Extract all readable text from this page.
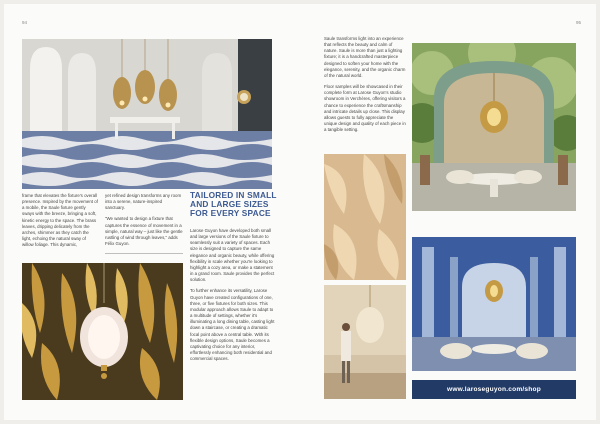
94

frame that elevates the fixture's overall presence. Inspired by the movement of a mobile, the Saule fixture gently sways with the breeze, bringing a soft, kinetic energy to the space. The brass leaves, dripping delicately from the arches, shimmer as they catch the light, echoing the natural sway of willow foliage. This dynamic,

yet refined design transforms any room into a serene, nature-inspired sanctuary.

“We wanted to design a fixture that captures the essence of movement in a simple, natural way – just like the gentle rustling of wind through leaves,” adds Félix Guyon.

TAILORED IN SMALL AND LARGE SIZES FOR EVERY SPACE

Larose Guyon have developed both small and large versions of the Saule fixture to seamlessly suit a variety of spaces. Each size is designed to capture the same elegance and organic beauty, while offering flexibility in scale whether you're looking to highlight a cozy area, or make a statement in a grand room. Saule provides the perfect solution.

To further enhance its versatility, Larose Guyon have created configurations of one, three, or five fixtures for both sizes. This modular approach allows Saule to adapt to a multitude of settings, whether it's illuminating a long dining table, casting light down a staircase, or creating a dramatic focal point above a central table. With its flexible design options, Saule becomes a captivating choice for any interior, effortlessly enhancing both residential and commercial spaces.

95

Saule transforms light into an experience that reflects the beauty and calm of nature. Saule is more than just a lighting fixture; it is a handcrafted masterpiece designed to soften your home with the elegance, serenity, and the organic charm of the natural world.

Floor samples will be showcased in their complete form at Larose Guyon's studio showroom in Verchères, offering visitors a chance to experience the craftsmanship and intricate details up close. This display allows guests to fully appreciate the unique design and quality of each piece in a tangible setting.

www.laroseguyon.com/shop
